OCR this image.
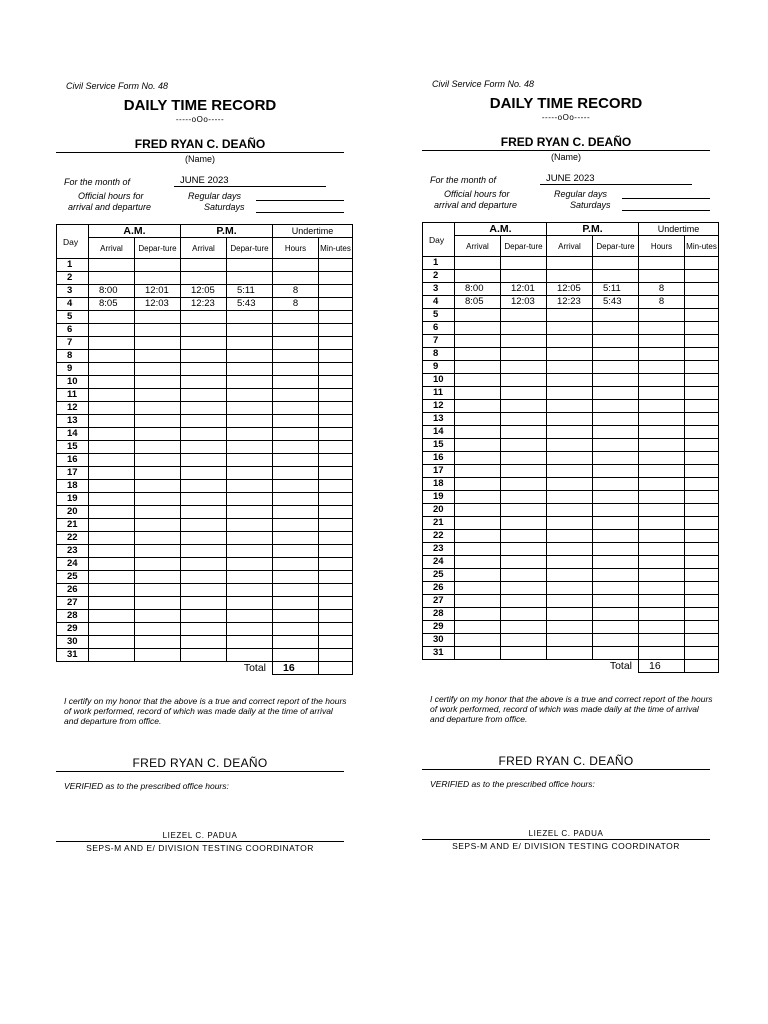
Civil Service Form No. 48
DAILY TIME RECORD
-----oOo-----
FRED RYAN C. DEAÑO
(Name)
For the month of	JUNE 2023
Official hours for
arrival and departure
Regular days
Saturdays
Day	A.M.		P.M.		Undertime	
	Arrival	Depar-ture	Arrival	Depar-ture	Hours	Min-utes
1						
2						
3	8:00	12:01	12:05	5:11	8	
4	8:05	12:03	12:23	5:43	8	
5						
6						
7						
8						
9						
10						
11						
12						
13						
14						
15						
16						
17						
18						
19						
20						
21						
22						
23						
24						
25						
26						
27						
28						
29						
30						
31						
				Total	16	
I certify on my honor that the above is a true and correct report of the hours of work performed, record of which was made daily at the time of arrival and departure from office.
FRED RYAN C. DEAÑO
VERIFIED as to the prescribed office hours:
LIEZEL C. PADUA
SEPS-M AND E/ DIVISION TESTING COORDINATOR
Civil Service Form No. 48
DAILY TIME RECORD
-----oOo-----
FRED RYAN C. DEAÑO
(Name)
For the month of	JUNE 2023
Official hours for
arrival and departure
Regular days
Saturdays
Day	A.M.		P.M.		Undertime	
	Arrival	Depar-ture	Arrival	Depar-ture	Hours	Min-utes
1						
2						
3	8:00	12:01	12:05	5:11	8	
4	8:05	12:03	12:23	5:43	8	
5						
6						
7						
8						
9						
10						
11						
12						
13						
14						
15						
16						
17						
18						
19						
20						
21						
22						
23						
24						
25						
26						
27						
28						
29						
30						
31						
				Total	16	
I certify on my honor that the above is a true and correct report of the hours of work performed, record of which was made daily at the time of arrival and departure from office.
FRED RYAN C. DEAÑO
VERIFIED as to the prescribed office hours:
LIEZEL C. PADUA
SEPS-M AND E/ DIVISION TESTING COORDINATOR
